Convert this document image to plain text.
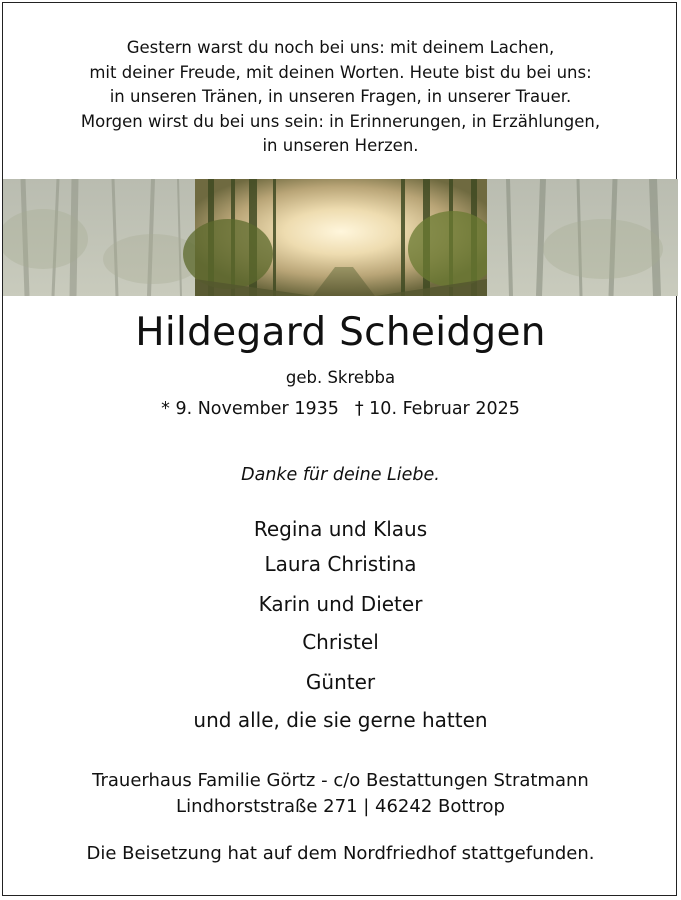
Gestern warst du noch bei uns: mit deinem Lachen,
mit deiner Freude, mit deinen Worten. Heute bist du bei uns:
in unseren Tränen, in unseren Fragen, in unserer Trauer.
Morgen wirst du bei uns sein: in Erinnerungen, in Erzählungen,
in unseren Herzen.
Hildegard Scheidgen
geb. Skrebba
* 9. November 1935 † 10. Februar 2025
Danke für deine Liebe.
Regina und Klaus
Laura Christina
Karin und Dieter
Christel
Günter
und alle, die sie gerne hatten
Trauerhaus Familie Görtz - c/o Bestattungen Stratmann
Lindhorststraße 271 | 46242 Bottrop
Die Beisetzung hat auf dem Nordfriedhof stattgefunden.
